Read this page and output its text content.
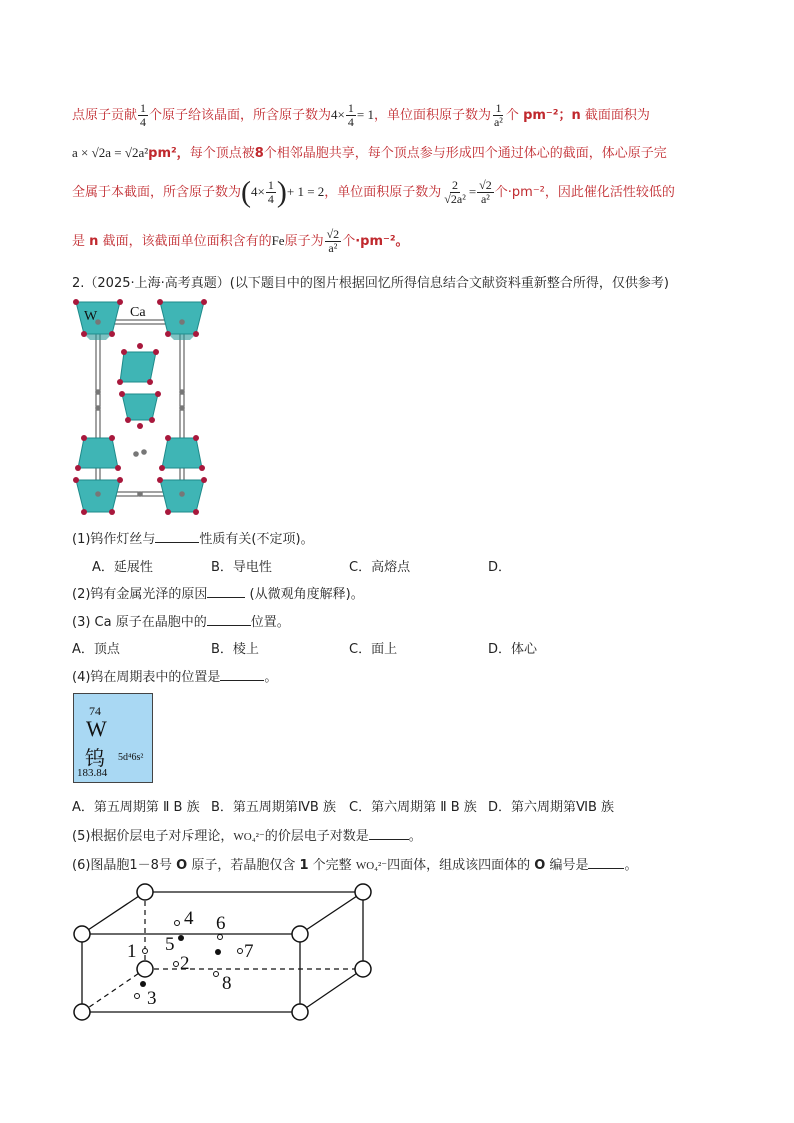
点原子贡献 $\frac{1}{4}$ 个原子给该晶面，所含原子数为$4\times \frac{1}{4} = 1$，单位面积原子数为 $\frac{1}{\text{a²}}$ 个 pm⁻²；n 截面面积为
a × √2a = √2a²pm²，每个顶点被8个相邻晶胞共享，每个顶点参与形成四个通过体心的截面，体心原子完
全属于本截面，所含原子数为($4\times \frac{1}{4}$ )+ 1 = 2，单位面积原子数为 $\frac{2}{\text{√2a²}} = \frac{√2}{\text{a²}}$ 个·pm⁻²，因此催化活性较低的
是 n 截面，该截面单位面积含有的Fe原子为 $\frac{√2}{\text{a²}}$ 个·pm⁻²。
2.（2025·上海·高考真题）(以下题目中的图片根据回忆所得信息结合文献资料重新整合所得，仅供参考)
W Ca
(1)钨作灯丝与	性质有关(不定项)。
A．延展性	B．导电性	C．高熔点	D．
(2)钨有金属光泽的原因	(从微观角度解释)。
(3) Ca 原子在晶胞中的	位置。
A．顶点	B．棱上	C．面上	D．体心
(4)钨在周期表中的位置是	。
74
W
钨 5d⁴6s²
183.84
A．第五周期第 Ⅱ B 族 B．第五周期第ⅣB 族 C．第六周期第 Ⅱ B 族 D．第六周期第ⅥB 族
(5)根据价层电子对斥理论，WO₄²⁻的价层电子对数是	。
(6)图晶胞1－8号 O 原子，若晶胞仅含 1 个完整 WO₄²⁻四面体，组成该四面体的 O 编号是	。
1
2
3
4
5
6
7
8
